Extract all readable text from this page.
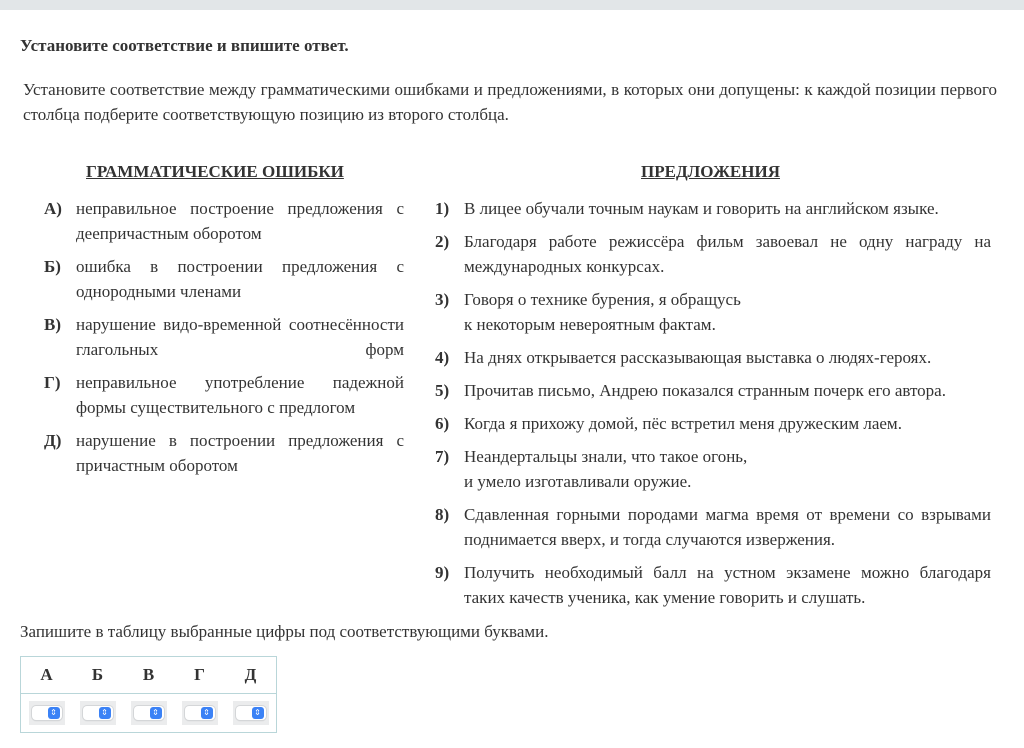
Установите соответствие и впишите ответ.
Установите соответствие между грамматическими ошибками и предложениями, в которых они допущены: к каждой позиции первого столбца подберите соответствующую позицию из второго столбца.
ГРАММАТИЧЕСКИЕ ОШИБКИ	ПРЕДЛОЖЕНИЯ
А) неправильное построение предложения с деепричастным оборотом
Б) ошибка в построении предложения с однородными членами
В) нарушение видо-временной соотнесённости глагольных форм
Г) неправильное употребление падежной формы существительного с предлогом
Д) нарушение в построении предложения с причастным оборотом
1) В лицее обучали точным наукам и говорить на английском языке.
2) Благодаря работе режиссёра фильм завоевал не одну награду на международных конкурсах.
3) Говоря о технике бурения, я обращусь
к некоторым невероятным фактам.
4) На днях открывается рассказывающая выставка о людях-героях.
5) Прочитав письмо, Андрею показался странным почерк его автора.
6) Когда я прихожу домой, пёс встретил меня дружеским лаем.
7) Неандертальцы знали, что такое огонь,
и умело изготавливали оружие.
8) Сдавленная горными породами магма время от времени со взрывами поднимается вверх, и тогда случаются извержения.
9) Получить необходимый балл на устном экзамене можно благодаря таких качеств ученика, как умение говорить и слушать.
Запишите в таблицу выбранные цифры под соответствующими буквами.
А	Б	В	Г	Д

⇕	⇕	⇕	⇕	⇕
